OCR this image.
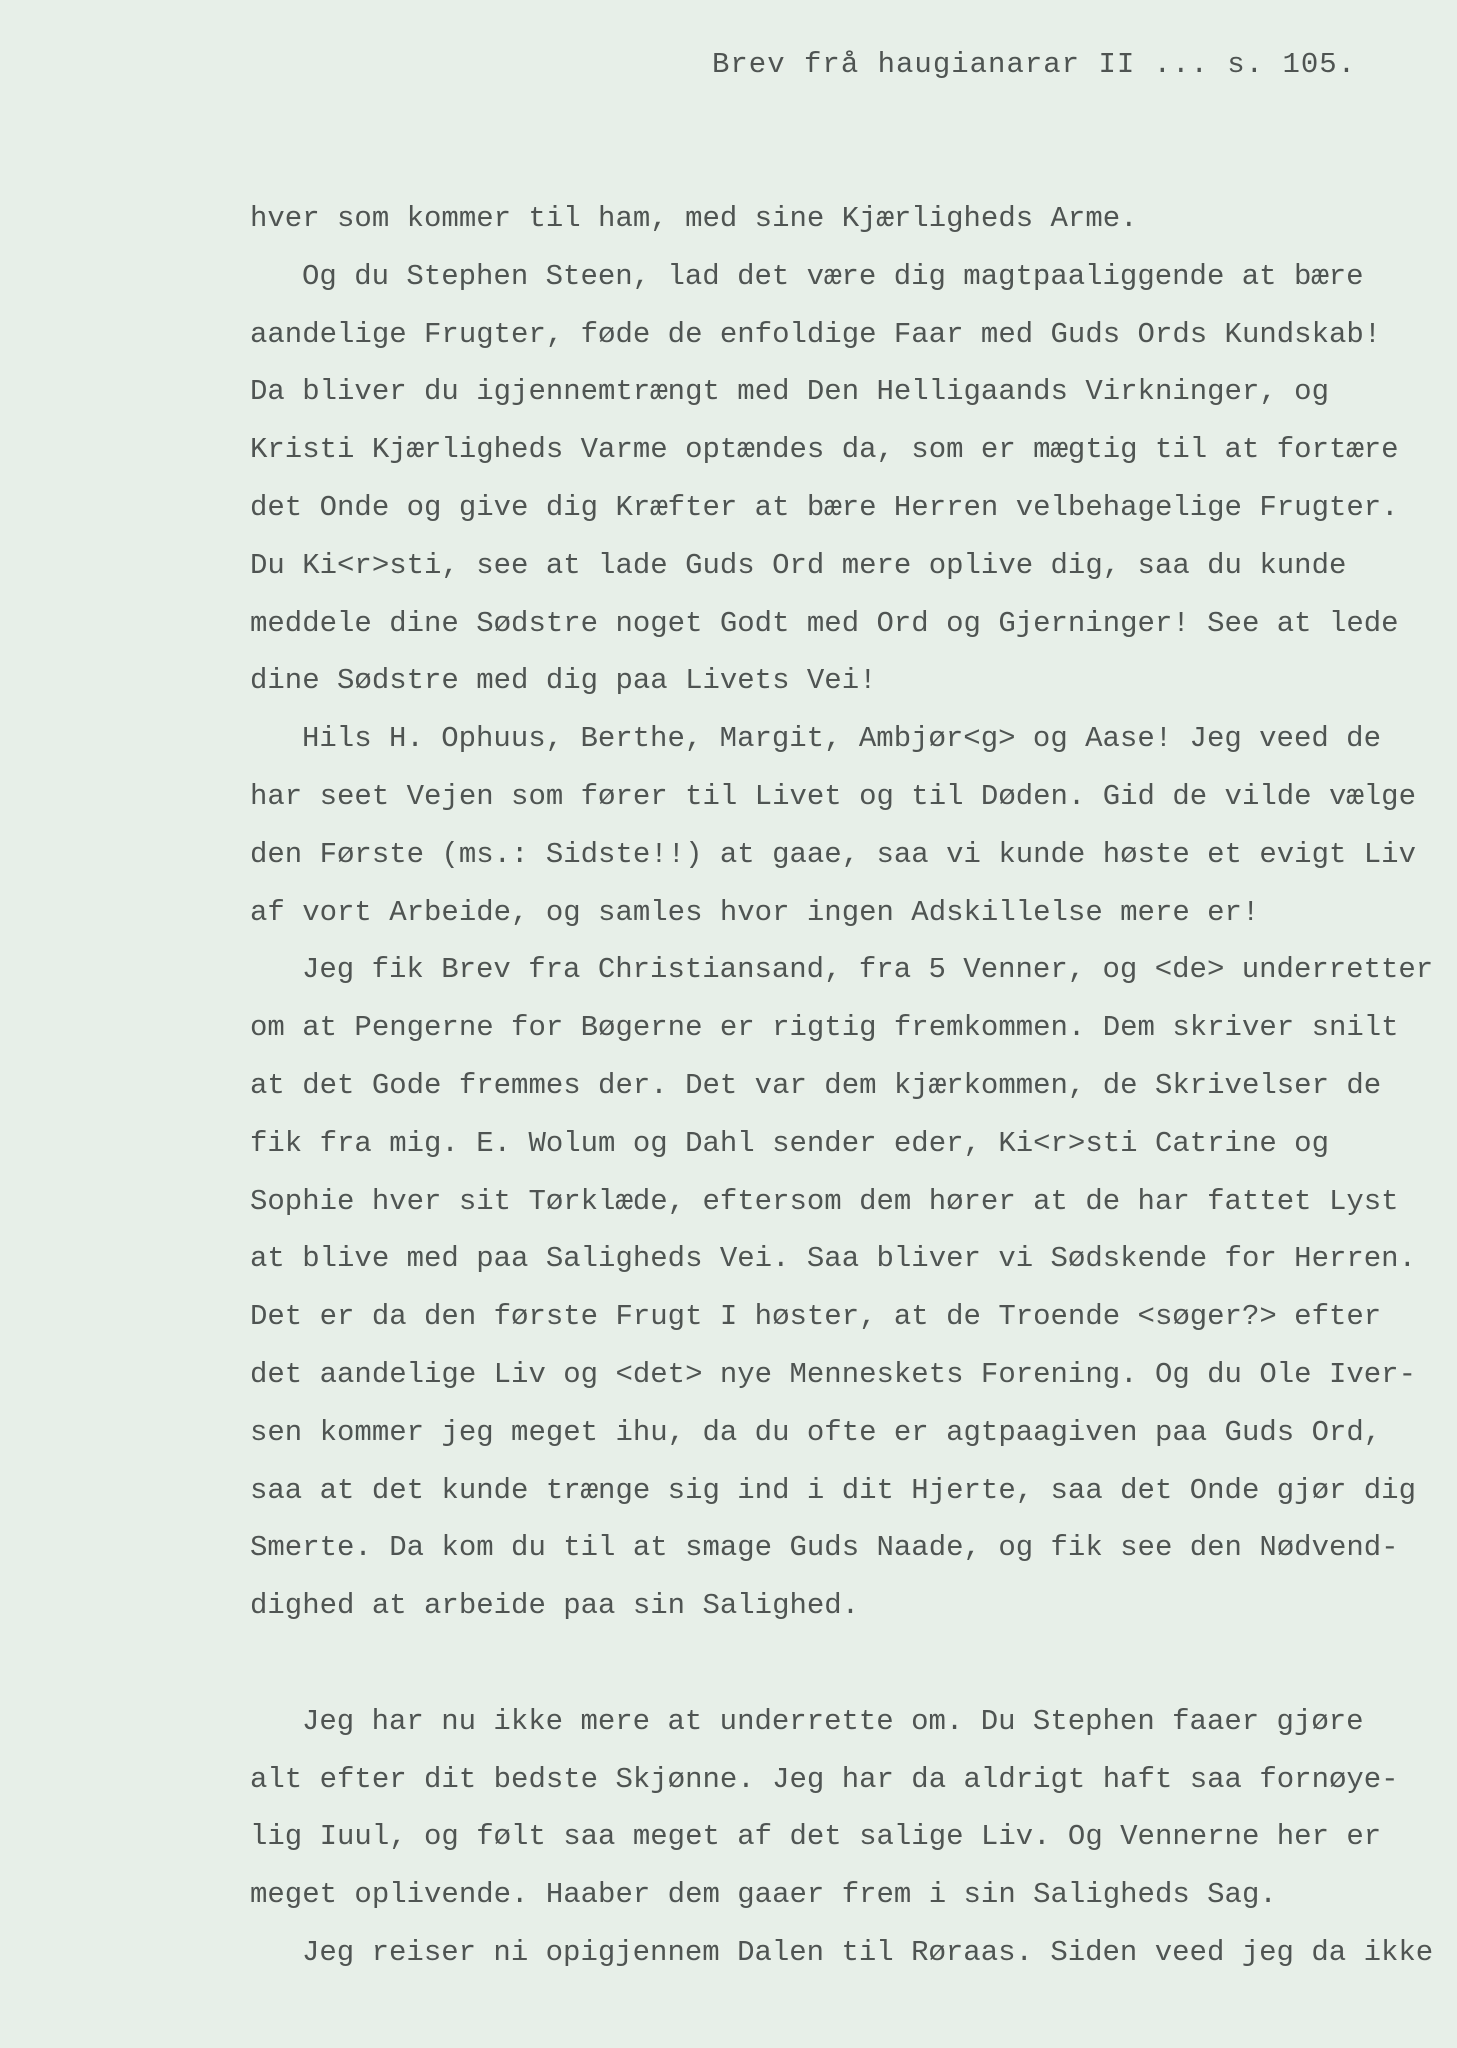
Brev frå haugianarar II ... s. 105.
hver som kommer til ham, med sine Kjærligheds Arme.
Og du Stephen Steen, lad det være dig magtpaaliggende at bære
aandelige Frugter, føde de enfoldige Faar med Guds Ords Kundskab!
Da bliver du igjennemtrængt med Den Helligaands Virkninger, og
Kristi Kjærligheds Varme optændes da, som er mægtig til at fortære
det Onde og give dig Kræfter at bære Herren velbehagelige Frugter.
Du Ki<r>sti, see at lade Guds Ord mere oplive dig, saa du kunde
meddele dine Sødstre noget Godt med Ord og Gjerninger! See at lede
dine Sødstre med dig paa Livets Vei!
Hils H. Ophuus, Berthe, Margit, Ambjør<g> og Aase! Jeg veed de
har seet Vejen som fører til Livet og til Døden. Gid de vilde vælge
den Første (ms.: Sidste!!) at gaae, saa vi kunde høste et evigt Liv
af vort Arbeide, og samles hvor ingen Adskillelse mere er!
Jeg fik Brev fra Christiansand, fra 5 Venner, og <de> underretter
om at Pengerne for Bøgerne er rigtig fremkommen. Dem skriver snilt
at det Gode fremmes der. Det var dem kjærkommen, de Skrivelser de
fik fra mig. E. Wolum og Dahl sender eder, Ki<r>sti Catrine og
Sophie hver sit Tørklæde, eftersom dem hører at de har fattet Lyst
at blive med paa Saligheds Vei. Saa bliver vi Sødskende for Herren.
Det er da den første Frugt I høster, at de Troende <søger?> efter
det aandelige Liv og <det> nye Menneskets Forening. Og du Ole Iver-
sen kommer jeg meget ihu, da du ofte er agtpaagiven paa Guds Ord,
saa at det kunde trænge sig ind i dit Hjerte, saa det Onde gjør dig
Smerte. Da kom du til at smage Guds Naade, og fik see den Nødvend-
dighed at arbeide paa sin Salighed.
Jeg har nu ikke mere at underrette om. Du Stephen faaer gjøre
alt efter dit bedste Skjønne. Jeg har da aldrigt haft saa fornøye-
lig Iuul, og følt saa meget af det salige Liv. Og Vennerne her er
meget oplivende. Haaber dem gaaer frem i sin Saligheds Sag.
Jeg reiser ni opigjennem Dalen til Røraas. Siden veed jeg da ikke
